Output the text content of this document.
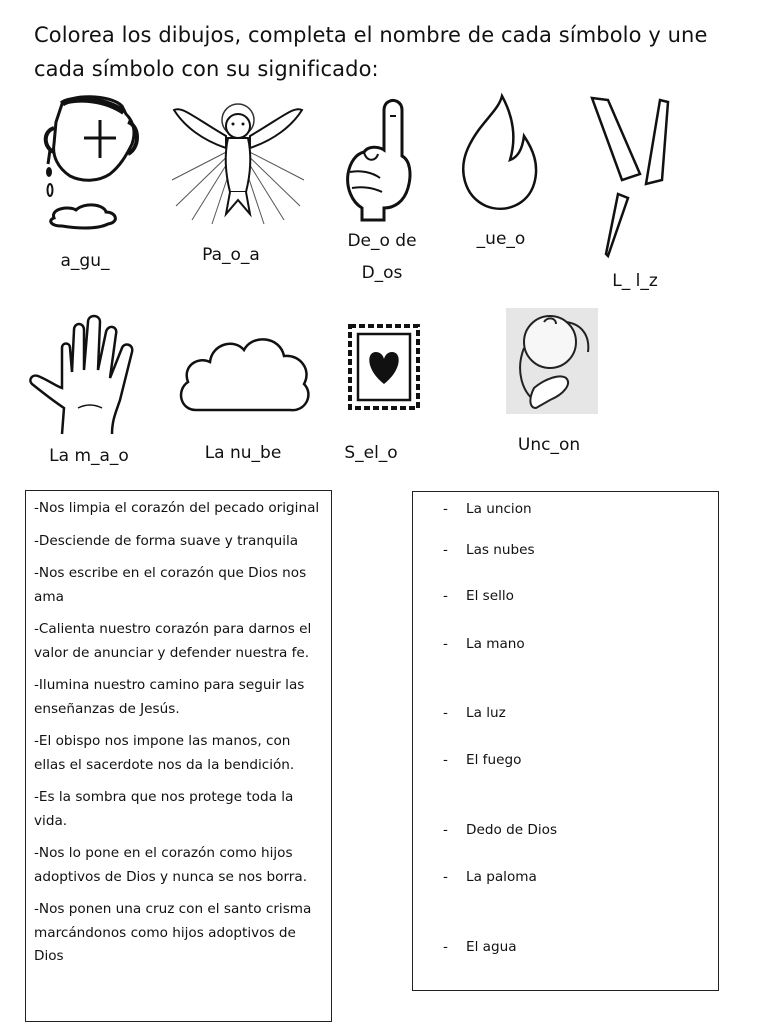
Colorea los dibujos, completa el nombre de cada símbolo y une cada símbolo con su significado:
a_gu_	Pa_o_a
De_o de
D_os
_ue_o
L_ l_z
La m_a_o	La nu_be	S_el_o	Unc_on

-Nos limpia el corazón del pecado original

-Desciende de forma suave y tranquila

-Nos escribe en el corazón que Dios nos ama

-Calienta nuestro corazón para darnos el valor de anunciar y defender nuestra fe.

-Ilumina nuestro camino para seguir las enseñanzas de Jesús.

-El obispo nos impone las manos, con ellas el sacerdote nos da la bendición.

-Es la sombra que nos protege toda la vida.

-Nos lo pone en el corazón como hijos adoptivos de Dios y nunca se nos borra.

-Nos ponen una cruz con el santo crisma marcándonos como hijos adoptivos de Dios

- La uncion
- Las nubes
- El sello
- La mano
- La luz
- El fuego
- Dedo de Dios
- La paloma
- El agua
